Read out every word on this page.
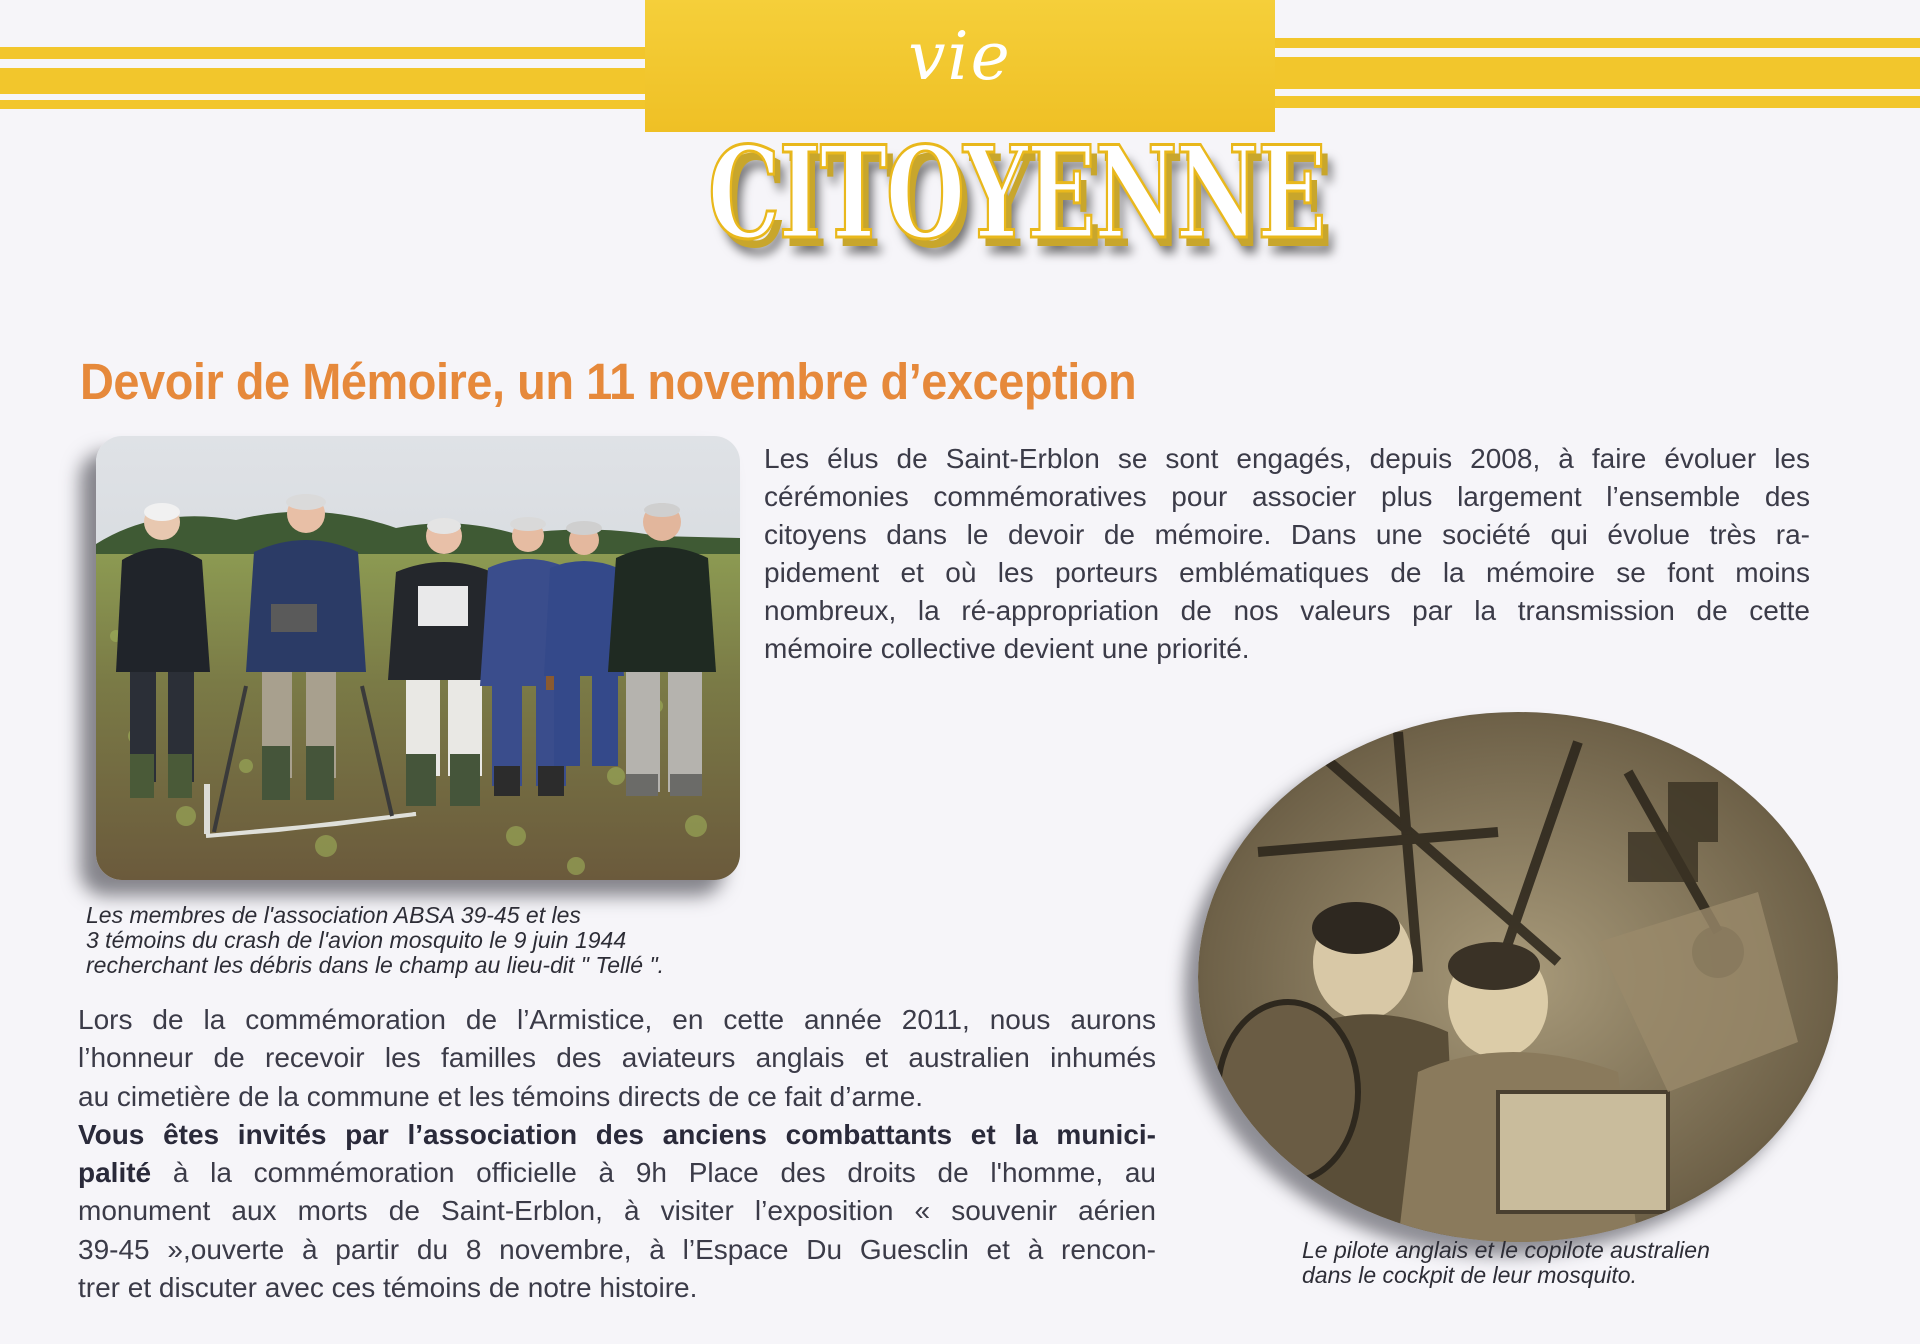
vie
CITOYENNE
Devoir de Mémoire, un 11 novembre d’exception
Les membres de l'association ABSA 39-45 et les
3 témoins du crash de l'avion mosquito le 9 juin 1944
recherchant les débris dans le champ au lieu-dit " Tellé ".
Les élus de Saint-Erblon se sont engagés, depuis 2008, à faire évoluer les
cérémonies commémoratives pour associer plus largement l’ensemble des
citoyens dans le devoir de mémoire. Dans une société qui évolue très ra-
pidement et où les porteurs emblématiques de la mémoire se font moins
nombreux, la ré-appropriation de nos valeurs par la transmission de cette
mémoire collective devient une priorité.
Lors de la commémoration de l’Armistice, en cette année 2011, nous aurons
l’honneur de recevoir les familles des aviateurs anglais et australien inhumés
au cimetière de la commune et les témoins directs de ce fait d’arme.
Vous êtes invités par l’association des anciens combattants et la munici-
palité à la commémoration officielle à 9h Place des droits de l'homme, au
monument aux morts de Saint-Erblon, à visiter l’exposition « souvenir aérien
39-45 »,ouverte à partir du 8 novembre, à l’Espace Du Guesclin et à rencon-
trer et discuter avec ces témoins de notre histoire.
Le pilote anglais et le copilote australien
dans le cockpit de leur mosquito.
